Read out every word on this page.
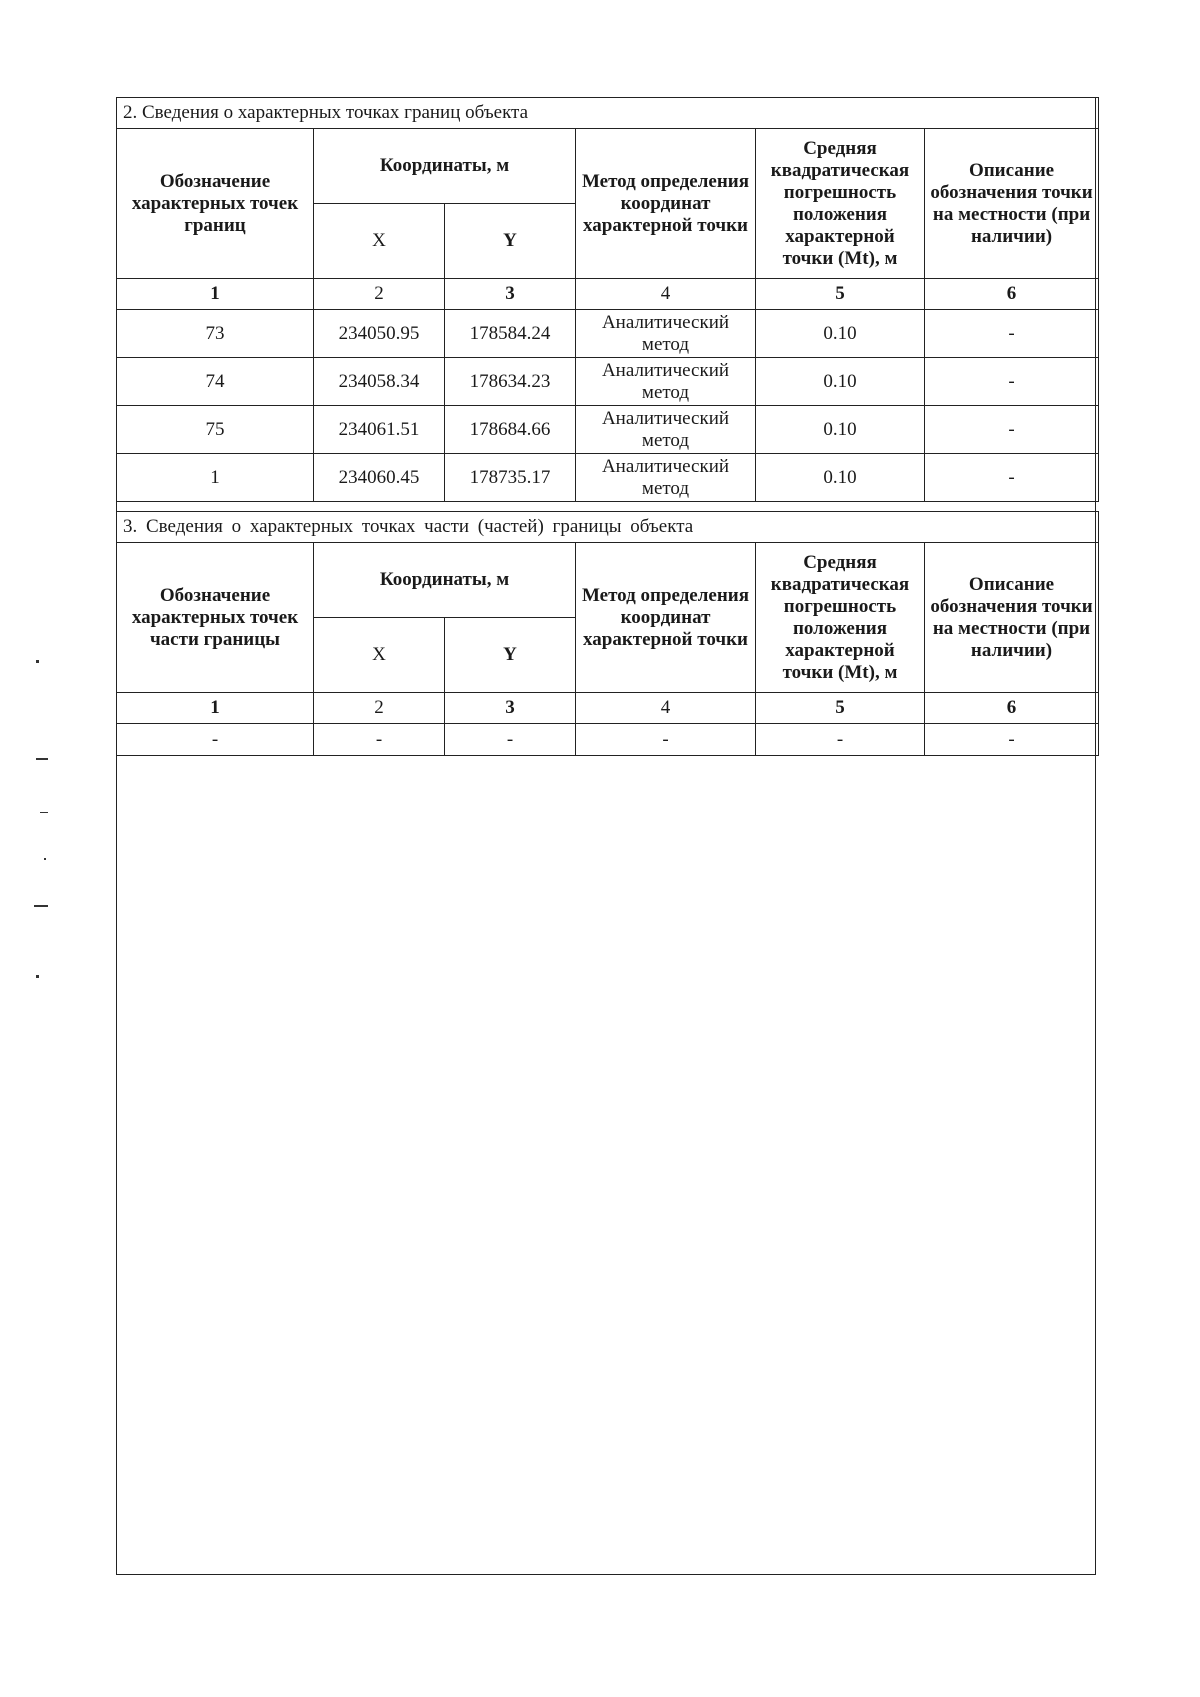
2. Сведения о характерных точках границ объекта					
Обозначение характерных точек границ	Координаты, м		Метод определения координат характерной точки	Средняя квадратическая погрешность положения характерной точки (Mt), м	Описание обозначения точки на местности (при наличии)
	X	Y			
1	2	3	4	5	6
73	234050.95	178584.24	Аналитический метод	0.10	-
74	234058.34	178634.23	Аналитический метод	0.10	-
75	234061.51	178684.66	Аналитический метод	0.10	-
1	234060.45	178735.17	Аналитический метод	0.10	-
3. Сведения о характерных точках части (частей) границы объекта					
Обозначение характерных точек части границы	Координаты, м		Метод определения координат характерной точки	Средняя квадратическая погрешность положения характерной точки (Mt), м	Описание обозначения точки на местности (при наличии)
	X	Y			
1	2	3	4	5	6
-	-	-	-	-	-
